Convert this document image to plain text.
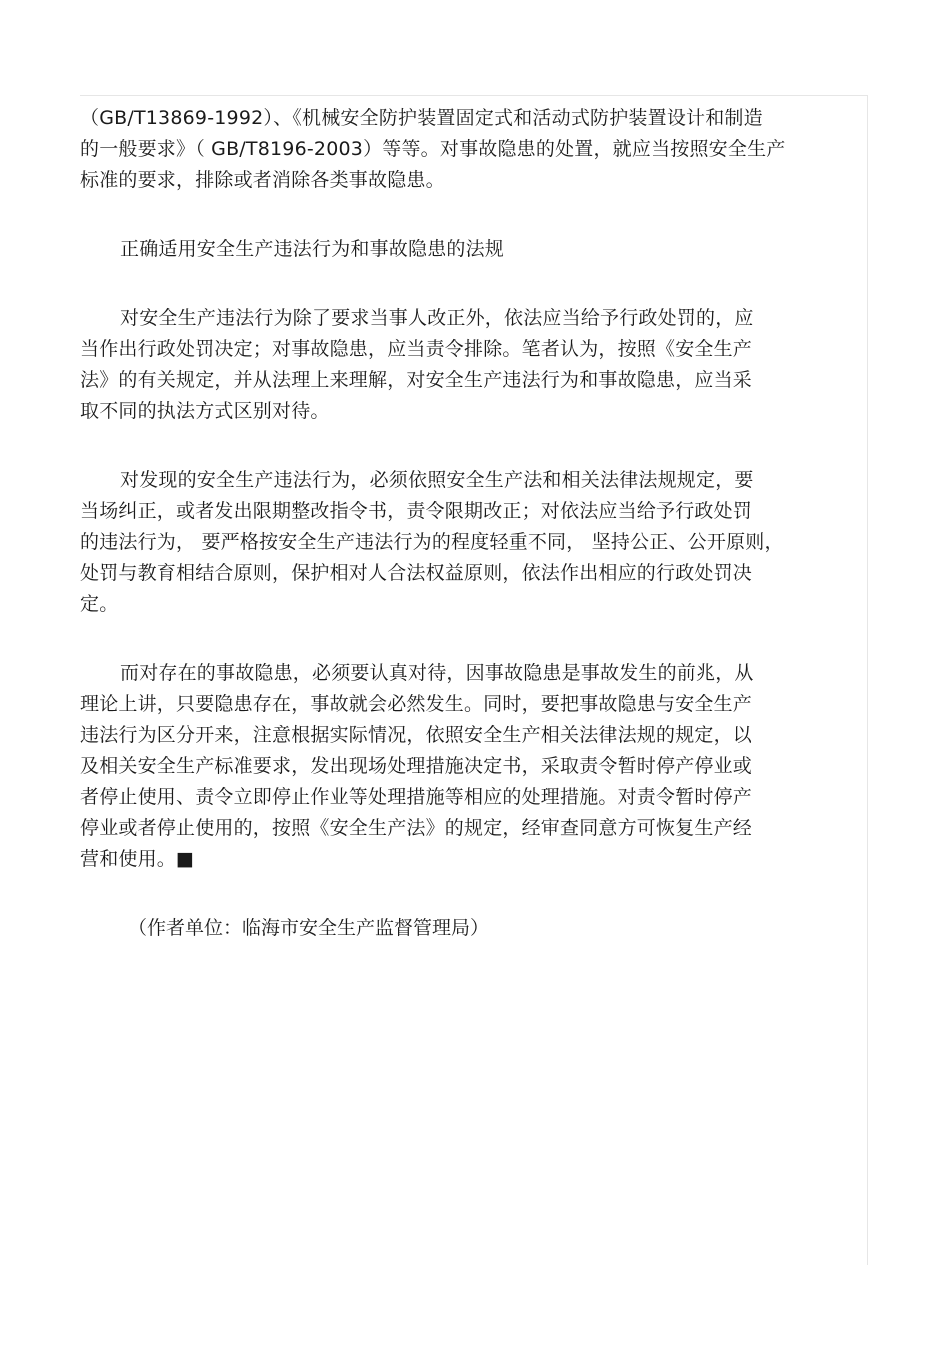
（GB/T13869-1992）、《机械安全防护装置固定式和活动式防护装置设计和制造
的一般要求》（ GB/T8196-2003）等等。对事故隐患的处置，就应当按照安全生产
标准的要求，排除或者消除各类事故隐患。
正确适用安全生产违法行为和事故隐患的法规
对安全生产违法行为除了要求当事人改正外，依法应当给予行政处罚的，应
当作出行政处罚决定；对事故隐患，应当责令排除。笔者认为，按照《安全生产
法》的有关规定，并从法理上来理解，对安全生产违法行为和事故隐患，应当采
取不同的执法方式区别对待。
对发现的安全生产违法行为，必须依照安全生产法和相关法律法规规定，要
当场纠正，或者发出限期整改指令书，责令限期改正；对依法应当给予行政处罚
的违法行为， 要严格按安全生产违法行为的程度轻重不同， 坚持公正、公开原则，
处罚与教育相结合原则，保护相对人合法权益原则，依法作出相应的行政处罚决
定。
而对存在的事故隐患，必须要认真对待，因事故隐患是事故发生的前兆，从
理论上讲，只要隐患存在，事故就会必然发生。同时，要把事故隐患与安全生产
违法行为区分开来，注意根据实际情况，依照安全生产相关法律法规的规定，以
及相关安全生产标准要求，发出现场处理措施决定书，采取责令暂时停产停业或
者停止使用、责令立即停止作业等处理措施等相应的处理措施。对责令暂时停产
停业或者停止使用的，按照《安全生产法》的规定，经审查同意方可恢复生产经
营和使用。■
（作者单位：临海市安全生产监督管理局）
